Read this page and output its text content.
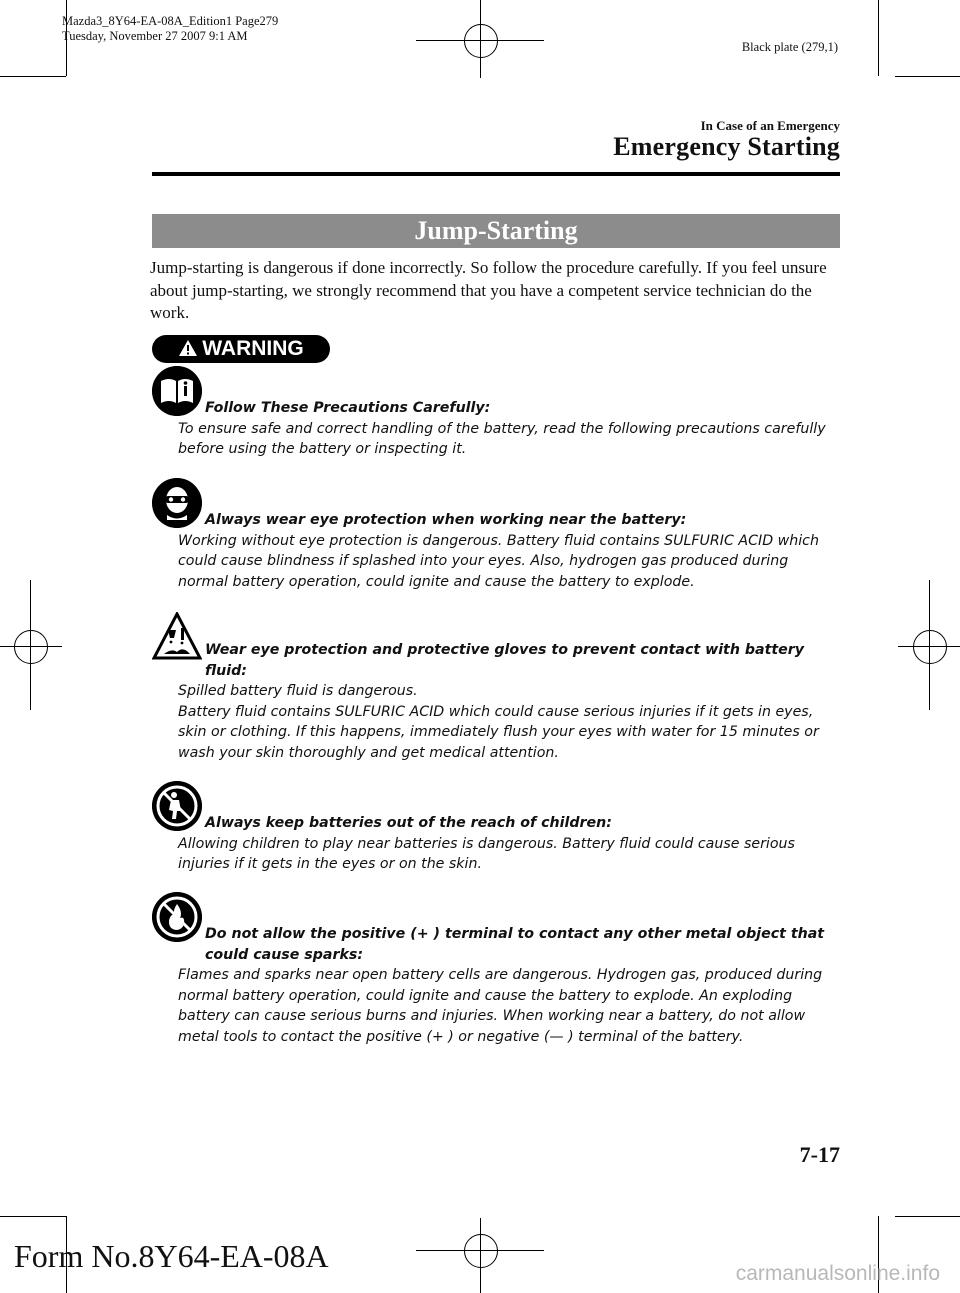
Mazda3_8Y64-EA-08A_Edition1 Page279
Tuesday, November 27 2007 9:1 AM
Black plate (279,1)
In Case of an Emergency
Emergency Starting
Jump-Starting
Jump-starting is dangerous if done incorrectly. So follow the procedure carefully. If you feel unsure about jump-starting, we strongly recommend that you have a competent service technician do the work.
WARNING
Follow These Precautions Carefully:
To ensure safe and correct handling of the battery, read the following precautions carefully before using the battery or inspecting it.
Always wear eye protection when working near the battery:
Working without eye protection is dangerous. Battery fluid contains SULFURIC ACID which could cause blindness if splashed into your eyes. Also, hydrogen gas produced during normal battery operation, could ignite and cause the battery to explode.
Wear eye protection and protective gloves to prevent contact with battery fluid:
Spilled battery fluid is dangerous.
Battery fluid contains SULFURIC ACID which could cause serious injuries if it gets in eyes, skin or clothing. If this happens, immediately flush your eyes with water for 15 minutes or wash your skin thoroughly and get medical attention.
Always keep batteries out of the reach of children:
Allowing children to play near batteries is dangerous. Battery fluid could cause serious injuries if it gets in the eyes or on the skin.
Do not allow the positive (+ ) terminal to contact any other metal object that could cause sparks:
Flames and sparks near open battery cells are dangerous. Hydrogen gas, produced during normal battery operation, could ignite and cause the battery to explode. An exploding battery can cause serious burns and injuries. When working near a battery, do not allow metal tools to contact the positive (+ ) or negative (— ) terminal of the battery.
7-17
Form No.8Y64-EA-08A	carmanualsonline.info
